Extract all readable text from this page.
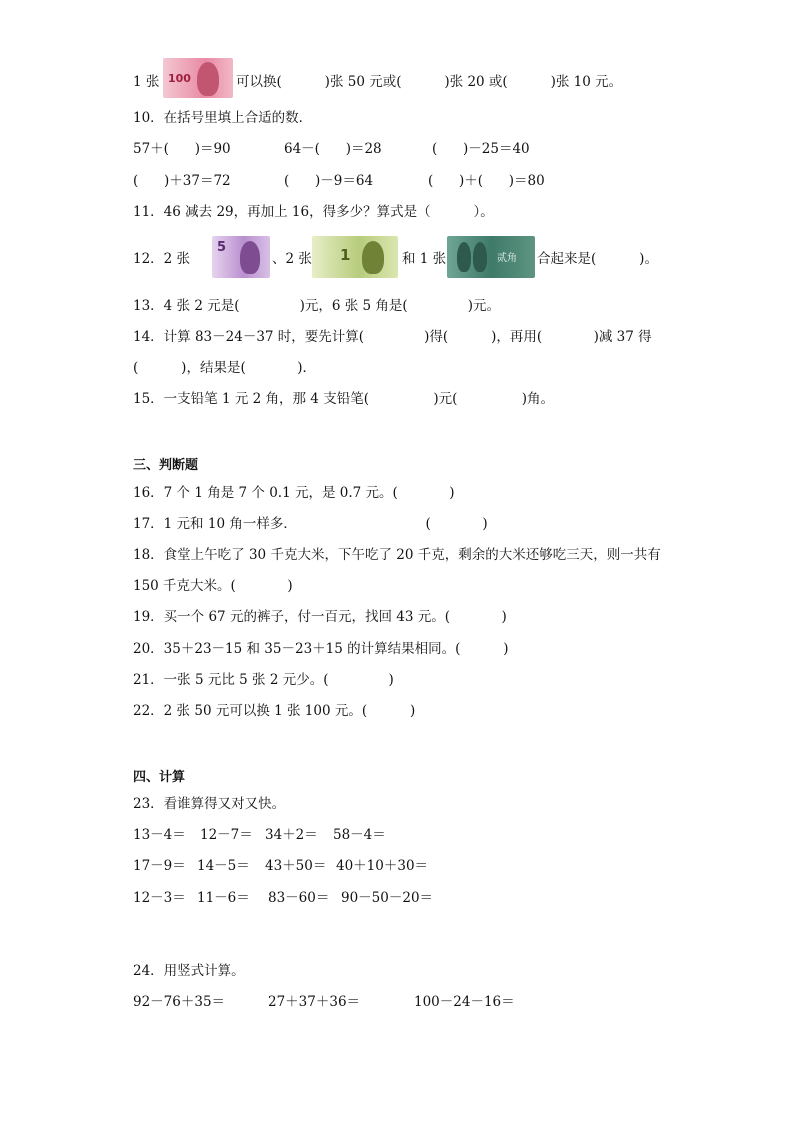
1 张 100	可以换(          )张 50 元或(          )张 20 或(          )张 10 元。
10．在括号里填上合适的数．
57＋(      )＝90	64－(      )＝28	(      )－25＝40
(      )＋37＝72	(      )－9＝64	(      )＋(      )＝80
11．46 减去 29，再加上 16，得多少？算式是（          ）。
12．2 张
5
、2 张 1	和 1 张	贰角 合起来是(          )。
13．4 张 2 元是(              )元，6 张 5 角是(              )元。
14．计算 83－24－37 时，要先计算(              )得(          )，再用(            )减 37 得
(          )，结果是(            )．
15．一支铅笔 1 元 2 角，那 4 支铅笔(               )元(               )角。
三、判断题
16．7 个 1 角是 7 个 0.1 元，是 0.7 元。(            )
17．1 元和 10 角一样多．                              (            )
18．食堂上午吃了 30 千克大米，下午吃了 20 千克，剩余的大米还够吃三天，则一共有
150 千克大米。(            )
19．买一个 67 元的裤子，付一百元，找回 43 元。(            )
20．35＋23－15 和 35－23＋15 的计算结果相同。(          )
21．一张 5 元比 5 张 2 元少。(              )
22．2 张 50 元可以换 1 张 100 元。(          )
四、计算
23．看谁算得又对又快。
13－4＝ 12－7＝ 34＋2＝ 58－4＝
17－9＝ 14－5＝ 43＋50＝ 40＋10＋30＝
12－3＝ 11－6＝ 83－60＝ 90－50－20＝
24．用竖式计算。
92－76＋35＝	27＋37＋36＝	100－24－16＝
